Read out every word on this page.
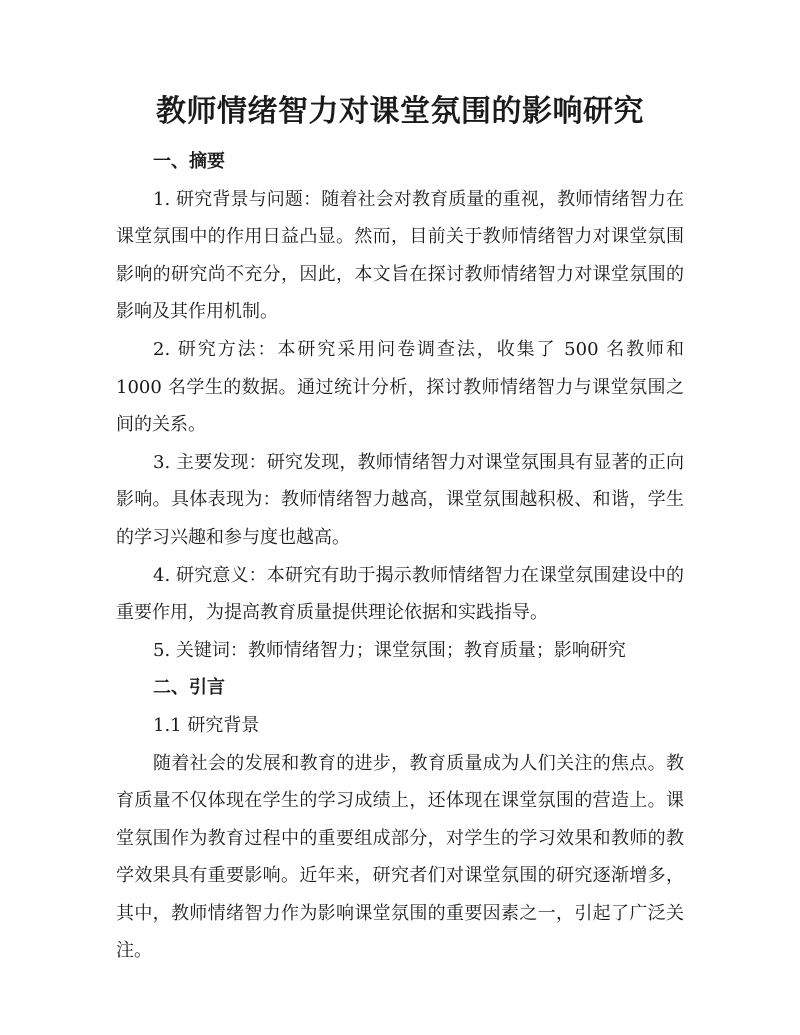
教师情绪智力对课堂氛围的影响研究

一、摘要

1. 研究背景与问题：随着社会对教育质量的重视，教师情绪智力在课堂氛围中的作用日益凸显。然而，目前关于教师情绪智力对课堂氛围影响的研究尚不充分，因此，本文旨在探讨教师情绪智力对课堂氛围的影响及其作用机制。

2. 研究方法：本研究采用问卷调查法，收集了 500 名教师和 1000 名学生的数据。通过统计分析，探讨教师情绪智力与课堂氛围之间的关系。

3. 主要发现：研究发现，教师情绪智力对课堂氛围具有显著的正向影响。具体表现为：教师情绪智力越高，课堂氛围越积极、和谐，学生的学习兴趣和参与度也越高。

4. 研究意义：本研究有助于揭示教师情绪智力在课堂氛围建设中的重要作用，为提高教育质量提供理论依据和实践指导。

5. 关键词：教师情绪智力；课堂氛围；教育质量；影响研究

二、引言

1.1 研究背景

随着社会的发展和教育的进步，教育质量成为人们关注的焦点。教育质量不仅体现在学生的学习成绩上，还体现在课堂氛围的营造上。课堂氛围作为教育过程中的重要组成部分，对学生的学习效果和教师的教学效果具有重要影响。近年来，研究者们对课堂氛围的研究逐渐增多，其中，教师情绪智力作为影响课堂氛围的重要因素之一，引起了广泛关注。
